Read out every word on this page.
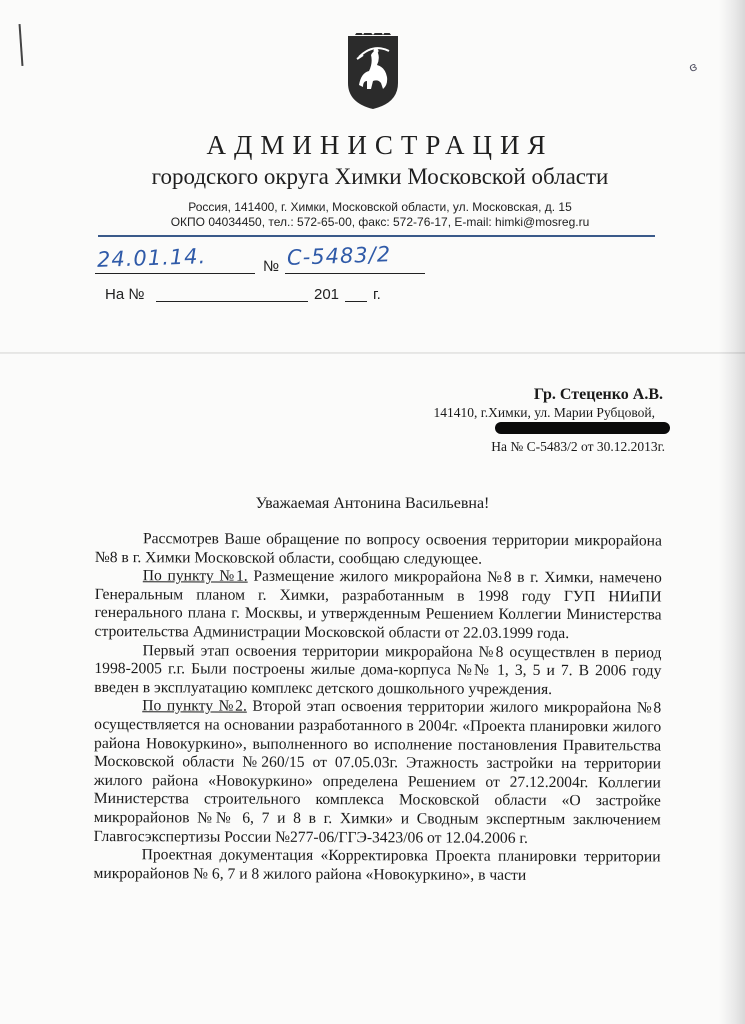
ɞ
АДМИНИСТРАЦИЯ
городского округа Химки Московской области
Россия, 141400, г. Химки, Московской области, ул. Московская, д. 15
ОКПО 04034450, тел.: 572-65-00, факс: 572-76-17, E-mail: himki@mosreg.ru
24.01.14.	№ С-5483/2
На №	201 г.
Гр. Стеценко А.В.
141410, г.Химки, ул. Марии Рубцовой,
На № С-5483/2 от 30.12.2013г.
Уважаемая Антонина Васильевна!

Рассмотрев Ваше обращение по вопросу освоения территории микрорайона №8 в г. Химки Московской области, сообщаю следующее.

По пункту №1. Размещение жилого микрорайона №8 в г. Химки, намечено Генеральным планом г. Химки, разработанным в 1998 году ГУП НИиПИ генерального плана г. Москвы, и утвержденным Решением Коллегии Министерства строительства Администрации Московской области от 22.03.1999 года.

Первый этап освоения территории микрорайона №8 осуществлен в период 1998-2005 г.г. Были построены жилые дома-корпуса №№ 1, 3, 5 и 7. В 2006 году введен в эксплуатацию комплекс детского дошкольного учреждения.

По пункту №2. Второй этап освоения территории жилого микрорайона №8 осуществляется на основании разработанного в 2004г. «Проекта планировки жилого района Новокуркино», выполненного во исполнение постановления Правительства Московской области №260/15 от 07.05.03г. Этажность застройки на территории жилого района «Новокуркино» определена Решением от 27.12.2004г. Коллегии Министерства строительного комплекса Московской области «О застройке микрорайонов №№ 6, 7 и 8 в г. Химки» и Сводным экспертным заключением Главгосэкспертизы России №277-06/ГГЭ-3423/06 от 12.04.2006 г.

Проектная документация «Корректировка Проекта планировки территории микрорайонов № 6, 7 и 8 жилого района «Новокуркино», в части
